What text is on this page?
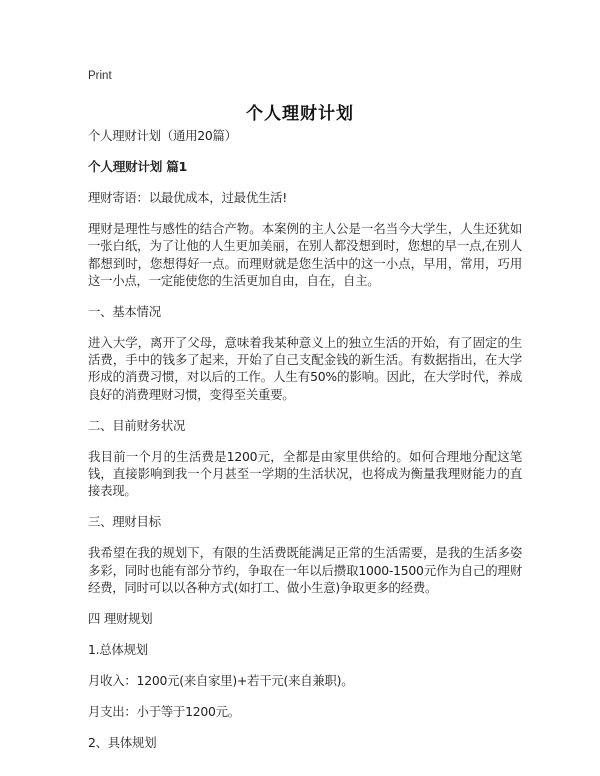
Print
个人理财计划

个人理财计划（通用20篇）

个人理财计划 篇1

理财寄语：以最优成本，过最优生活!

理财是理性与感性的结合产物。本案例的主人公是一名当今大学生，人生还犹如一张白纸，为了让他的人生更加美丽，在别人都没想到时，您想的早一点,在别人都想到时，您想得好一点。而理财就是您生活中的这一小点，早用，常用，巧用这一小点，一定能使您的生活更加自由，自在，自主。

一、基本情况

进入大学，离开了父母，意味着我某种意义上的独立生活的开始，有了固定的生活费，手中的钱多了起来，开始了自己支配金钱的新生活。有数据指出，在大学形成的消费习惯，对以后的工作。人生有50%的影响。因此，在大学时代，养成良好的消费理财习惯，变得至关重要。

二、目前财务状况

我目前一个月的生活费是1200元，全都是由家里供给的。如何合理地分配这笔钱，直接影响到我一个月甚至一学期的生活状况，也将成为衡量我理财能力的直接表现。

三、理财目标

我希望在我的规划下，有限的生活费既能满足正常的生活需要，是我的生活多姿多彩，同时也能有部分节约，争取在一年以后攒取1000-1500元作为自己的理财经费，同时可以以各种方式(如打工、做小生意)争取更多的经费。

四 理财规划

1.总体规划

月收入：1200元(来自家里)+若干元(来自兼职)。

月支出：小于等于1200元。

2、具体规划
